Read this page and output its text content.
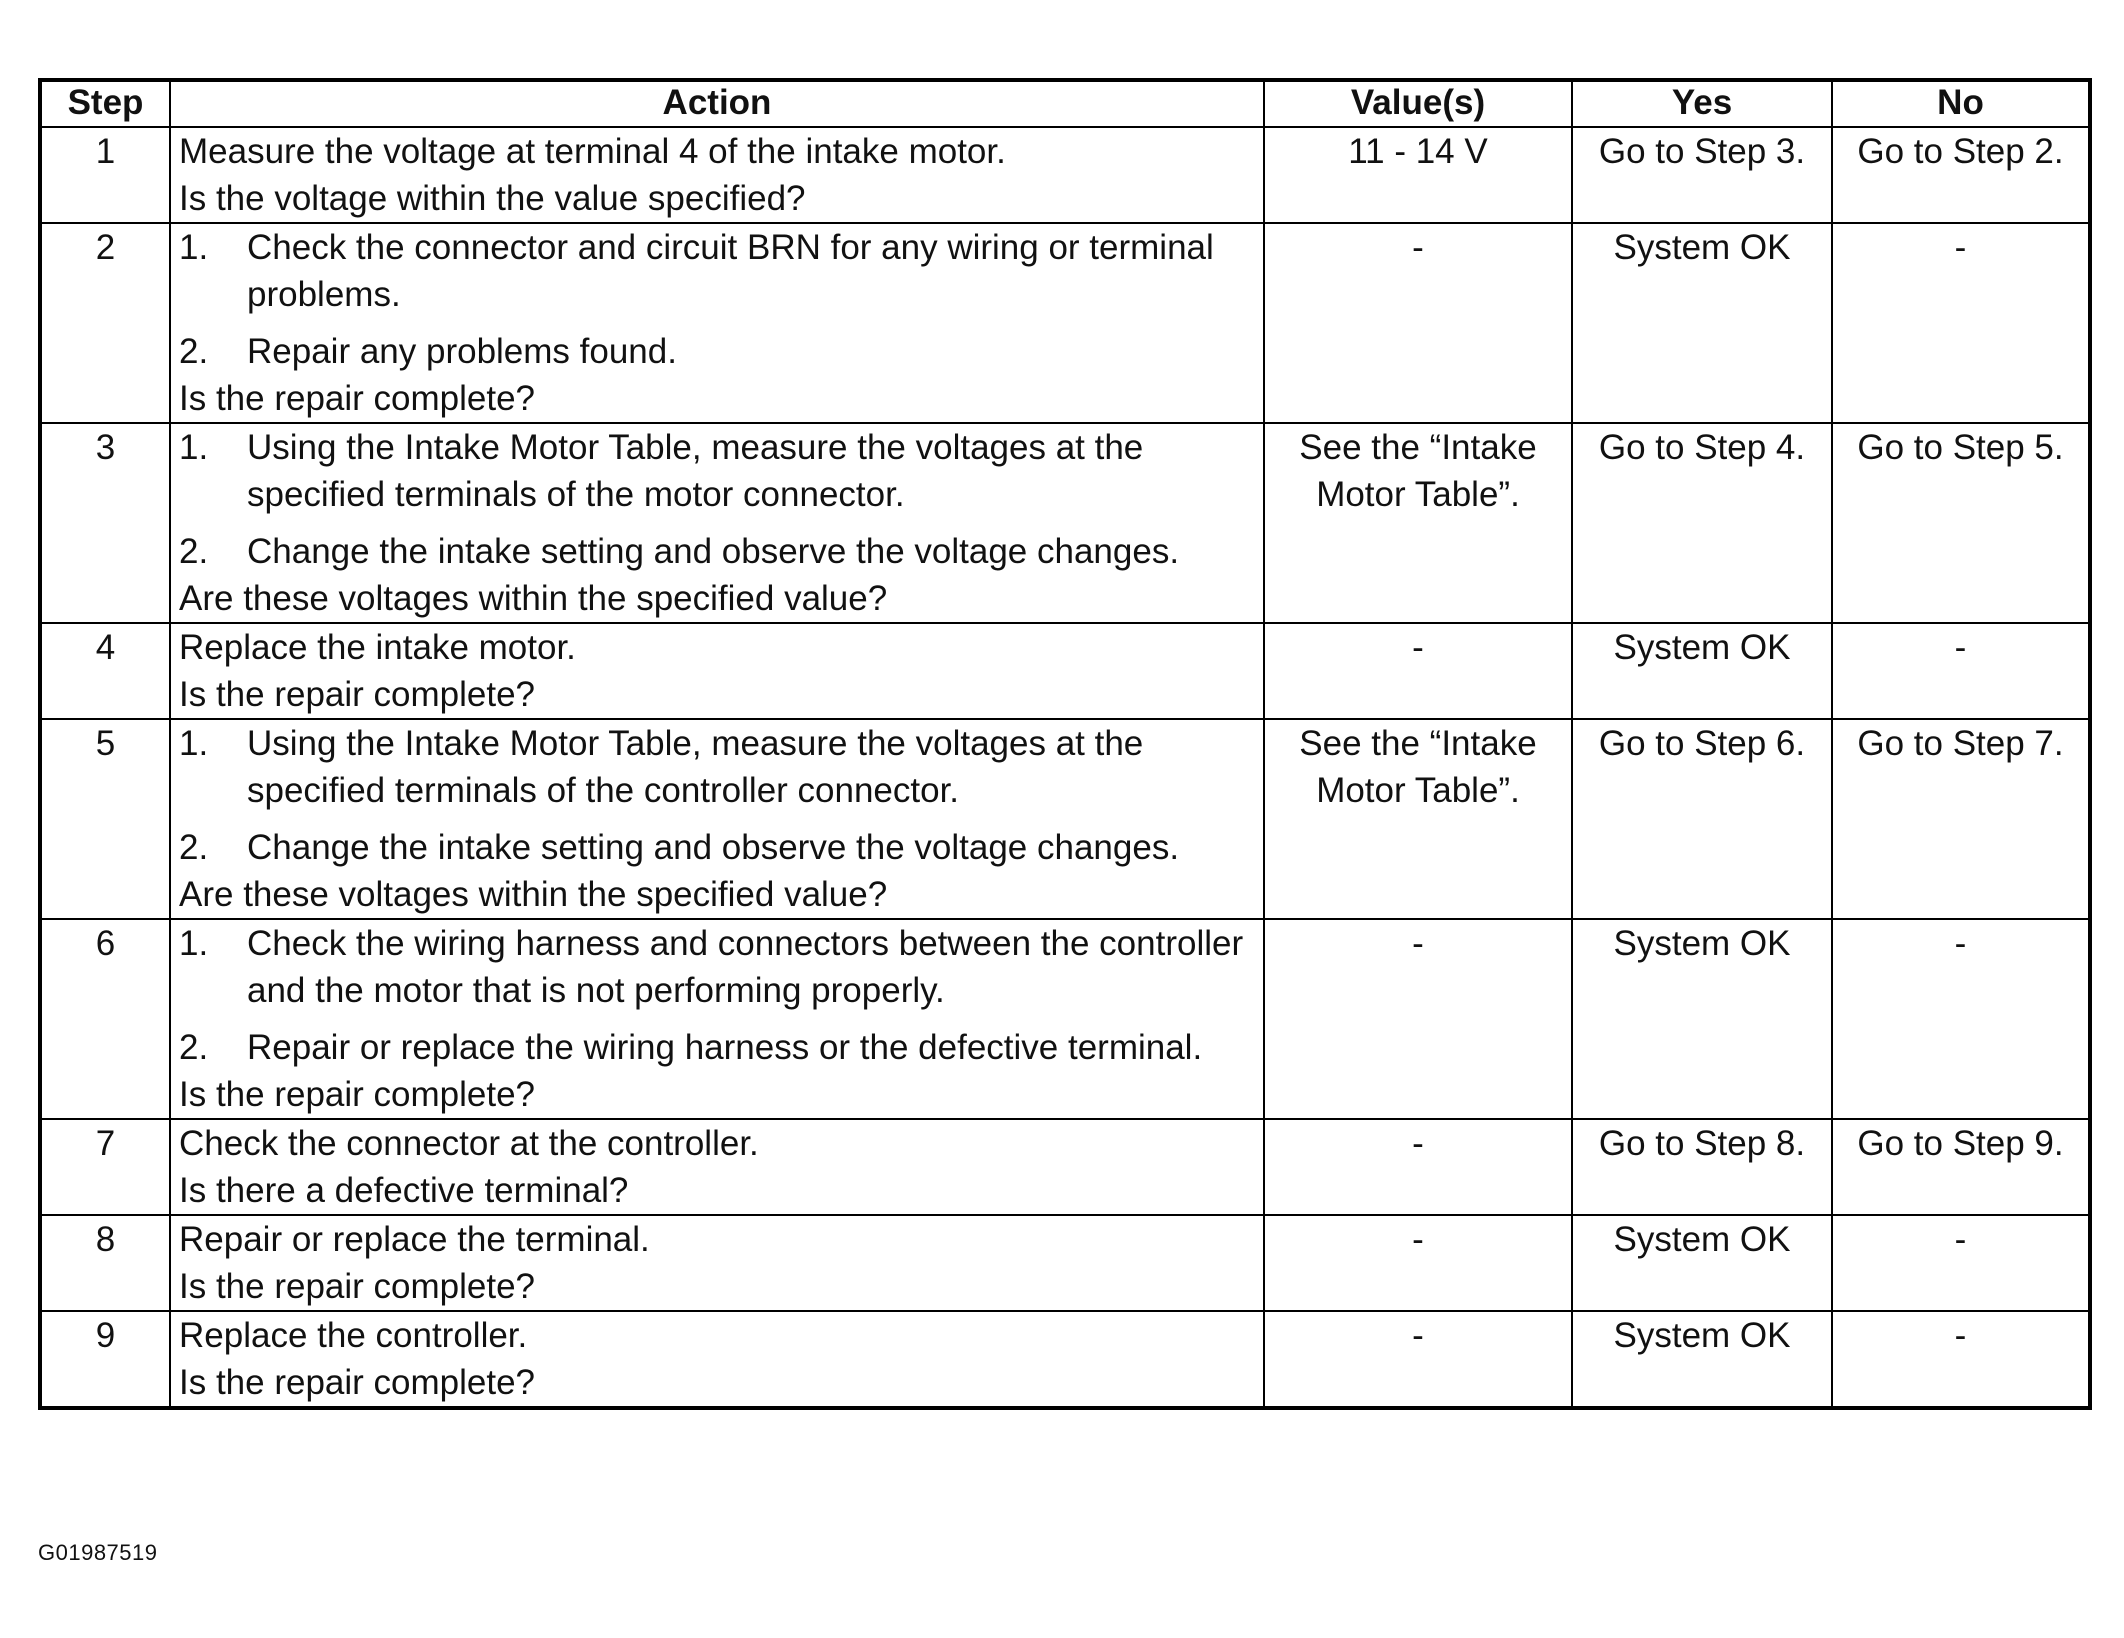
Step	Action	Value(s)	Yes	No
1	Measure the voltage at terminal 4 of the intake motor.
Is the voltage within the value specified?	11 - 14 V	Go to Step 3.	Go to Step 2.
2	1. Check the connector and circuit BRN for any wiring or terminal problems.
2. Repair any problems found.
Is the repair complete?	-	System OK	-
3	1. Using the Intake Motor Table, measure the voltages at the specified terminals of the motor connector.
2. Change the intake setting and observe the voltage changes.
Are these voltages within the specified value?	See the “Intake Motor Table”.	Go to Step 4.	Go to Step 5.
4	Replace the intake motor.
Is the repair complete?	-	System OK	-
5	1. Using the Intake Motor Table, measure the voltages at the specified terminals of the controller connector.
2. Change the intake setting and observe the voltage changes.
Are these voltages within the specified value?	See the “Intake Motor Table”.	Go to Step 6.	Go to Step 7.
6	1. Check the wiring harness and connectors between the controller and the motor that is not performing properly.
2. Repair or replace the wiring harness or the defective terminal.
Is the repair complete?	-	System OK	-
7	Check the connector at the controller.
Is there a defective terminal?	-	Go to Step 8.	Go to Step 9.
8	Repair or replace the terminal.
Is the repair complete?	-	System OK	-
9	Replace the controller.
Is the repair complete?	-	System OK	-
G01987519
